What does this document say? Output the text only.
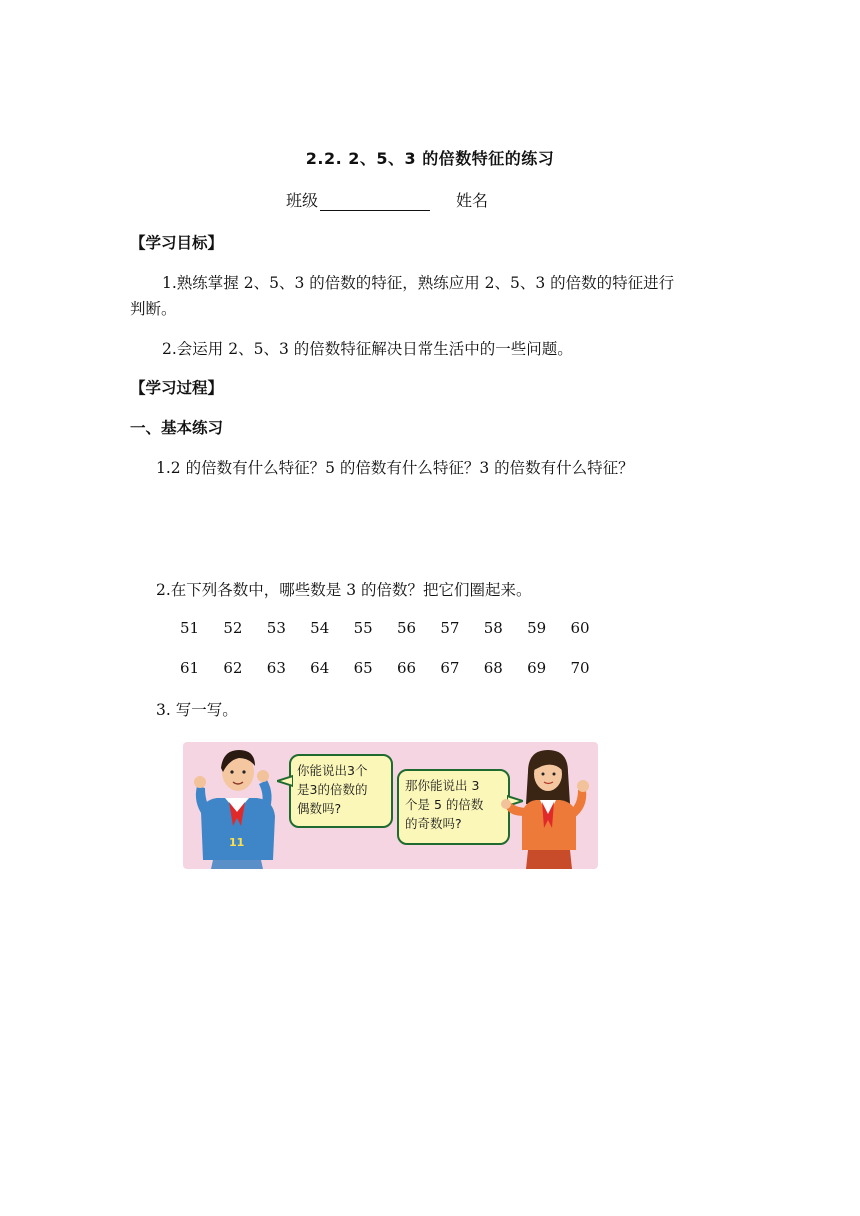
2.2. 2、5、3 的倍数特征的练习
班级	姓名
【学习目标】
1.熟练掌握 2、5、3 的倍数的特征，熟练应用 2、5、3 的倍数的特征进行
判断。
2.会运用 2、5、3 的倍数特征解决日常生活中的一些问题。
【学习过程】
一、基本练习
1.2 的倍数有什么特征？5 的倍数有什么特征？3 的倍数有什么特征？
2.在下列各数中，哪些数是 3 的倍数？把它们圈起来。
51	52	53	54	55	56	57	58	59	60
61	62	63	64	65	66	67	68	69	70
3. 写一写。
11
你能说出3个
是3的倍数的
偶数吗?
那你能说出 3
个是 5 的倍数
的奇数吗?
